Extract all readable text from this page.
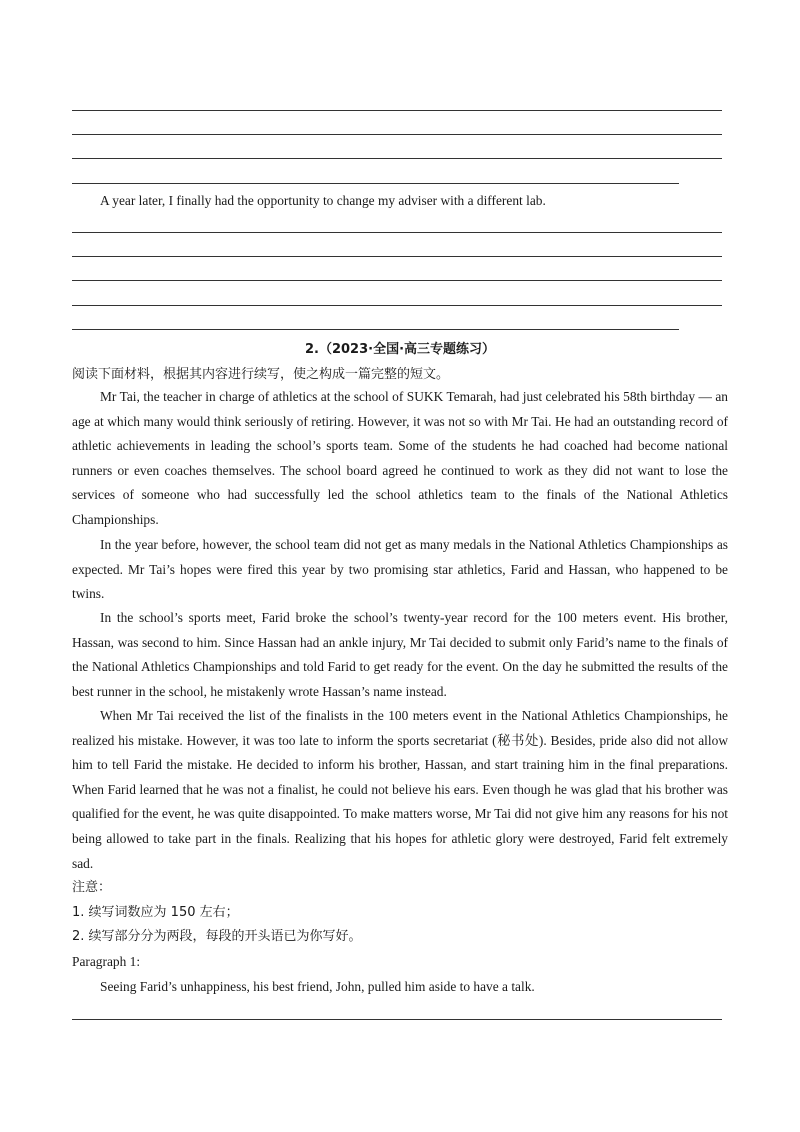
A year later, I finally had the opportunity to change my adviser with a different lab.
2.（2023·全国·高三专题练习）
阅读下面材料，根据其内容进行续写，使之构成一篇完整的短文。

Mr Tai, the teacher in charge of athletics at the school of SUKK Temarah, had just celebrated his 58th birthday — an age at which many would think seriously of retiring. However, it was not so with Mr Tai. He had an outstanding record of athletic achievements in leading the school’s sports team. Some of the students he had coached had become national runners or even coaches themselves. The school board agreed he continued to work as they did not want to lose the services of someone who had successfully led the school athletics team to the finals of the National Athletics Championships.

In the year before, however, the school team did not get as many medals in the National Athletics Championships as expected. Mr Tai’s hopes were fired this year by two promising star athletics, Farid and Hassan, who happened to be twins.

In the school’s sports meet, Farid broke the school’s twenty-year record for the 100 meters event. His brother, Hassan, was second to him. Since Hassan had an ankle injury, Mr Tai decided to submit only Farid’s name to the finals of the National Athletics Championships and told Farid to get ready for the event. On the day he submitted the results of the best runner in the school, he mistakenly wrote Hassan’s name instead.

When Mr Tai received the list of the finalists in the 100 meters event in the National Athletics Championships, he realized his mistake. However, it was too late to inform the sports secretariat (秘书处). Besides, pride also did not allow him to tell Farid the mistake. He decided to inform his brother, Hassan, and start training him in the final preparations. When Farid learned that he was not a finalist, he could not believe his ears. Even though he was glad that his brother was qualified for the event, he was quite disappointed. To make matters worse, Mr Tai did not give him any reasons for his not being allowed to take part in the finals. Realizing that his hopes for athletic glory were destroyed, Farid felt extremely sad.

注意：
1. 续写词数应为 150 左右；
2. 续写部分分为两段，每段的开头语已为你写好。
Paragraph 1:
Seeing Farid’s unhappiness, his best friend, John, pulled him aside to have a talk.
